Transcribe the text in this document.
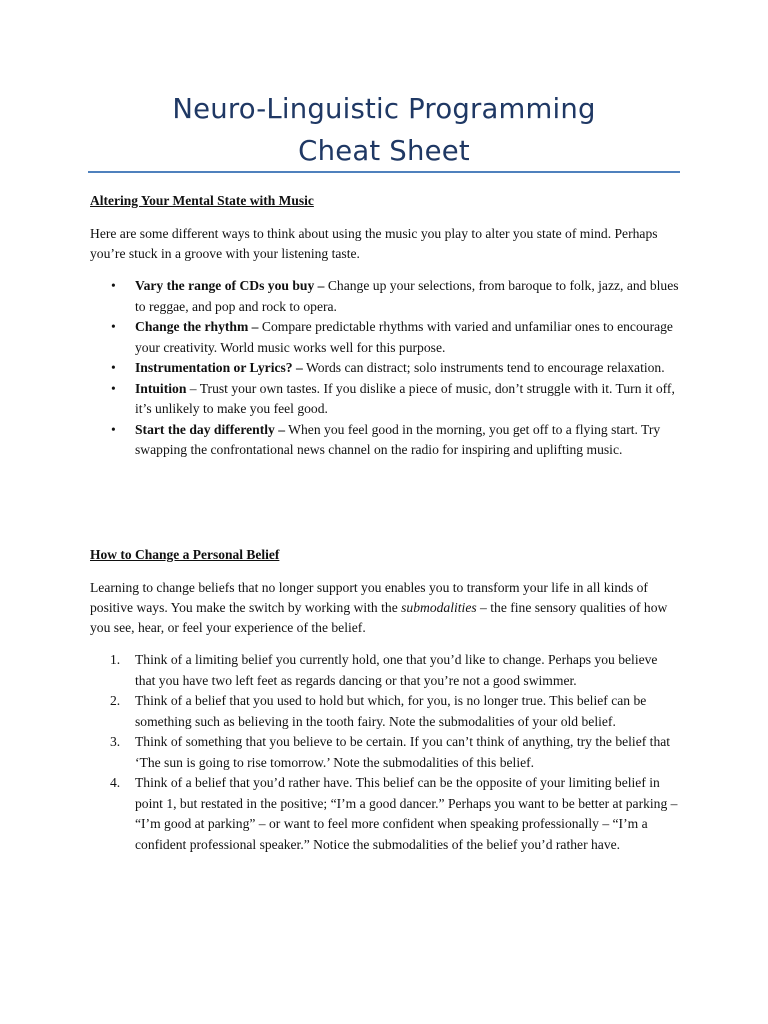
Neuro-Linguistic Programming
Cheat Sheet
Altering Your Mental State with Music
Here are some different ways to think about using the music you play to alter you state of mind. Perhaps you’re stuck in a groove with your listening taste.
• Vary the range of CDs you buy – Change up your selections, from baroque to folk, jazz, and blues to reggae, and pop and rock to opera.
• Change the rhythm – Compare predictable rhythms with varied and unfamiliar ones to encourage your creativity. World music works well for this purpose.
• Instrumentation or Lyrics? – Words can distract; solo instruments tend to encourage relaxation.
• Intuition – Trust your own tastes. If you dislike a piece of music, don’t struggle with it. Turn it off, it’s unlikely to make you feel good.
• Start the day differently – When you feel good in the morning, you get off to a flying start. Try swapping the confrontational news channel on the radio for inspiring and uplifting music.
How to Change a Personal Belief
Learning to change beliefs that no longer support you enables you to transform your life in all kinds of positive ways. You make the switch by working with the submodalities – the fine sensory qualities of how you see, hear, or feel your experience of the belief.
1. Think of a limiting belief you currently hold, one that you’d like to change. Perhaps you believe that you have two left feet as regards dancing or that you’re not a good swimmer.
2. Think of a belief that you used to hold but which, for you, is no longer true. This belief can be something such as believing in the tooth fairy. Note the submodalities of your old belief.
3. Think of something that you believe to be certain. If you can’t think of anything, try the belief that ‘The sun is going to rise tomorrow.’ Note the submodalities of this belief.
4. Think of a belief that you’d rather have. This belief can be the opposite of your limiting belief in point 1, but restated in the positive; “I’m a good dancer.” Perhaps you want to be better at parking – “I’m good at parking” – or want to feel more confident when speaking professionally – “I’m a confident professional speaker.” Notice the submodalities of the belief you’d rather have.
